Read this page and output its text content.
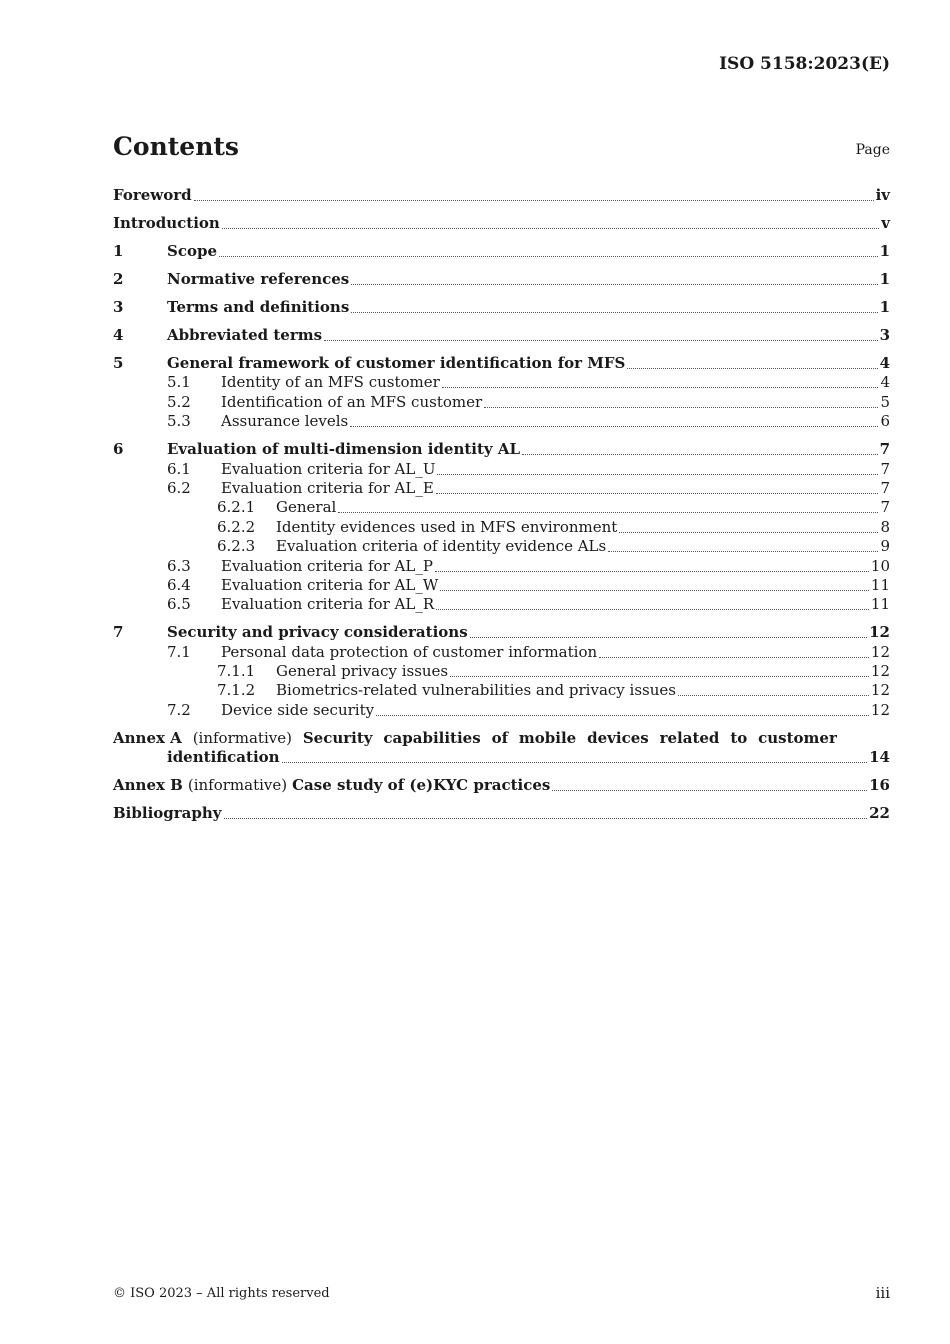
ISO 5158:2023(E)
Contents	Page
Foreword	iv
Introduction	v
1	Scope	1
2	Normative references	1
3	Terms and definitions	1
4	Abbreviated terms	3
5	General framework of customer identification for MFS	4
5.1	Identity of an MFS customer	4
5.2	Identification of an MFS customer	5
5.3	Assurance levels	6
6	Evaluation of multi-dimension identity AL	7
6.1	Evaluation criteria for AL_U	7
6.2	Evaluation criteria for AL_E	7
6.2.1	General	7
6.2.2	Identity evidences used in MFS environment	8
6.2.3	Evaluation criteria of identity evidence ALs	9
6.3	Evaluation criteria for AL_P	10
6.4	Evaluation criteria for AL_W	11
6.5	Evaluation criteria for AL_R	11
7	Security and privacy considerations	12
7.1	Personal data protection of customer information	12
7.1.1	General privacy issues	12
7.1.2	Biometrics-related vulnerabilities and privacy issues	12
7.2	Device side security	12
Annex A (informative) Security capabilities of mobile devices related to customer
identification	14
Annex B (informative) Case study of (e)KYC practices	16
Bibliography	22
© ISO 2023 – All rights reserved	iii
